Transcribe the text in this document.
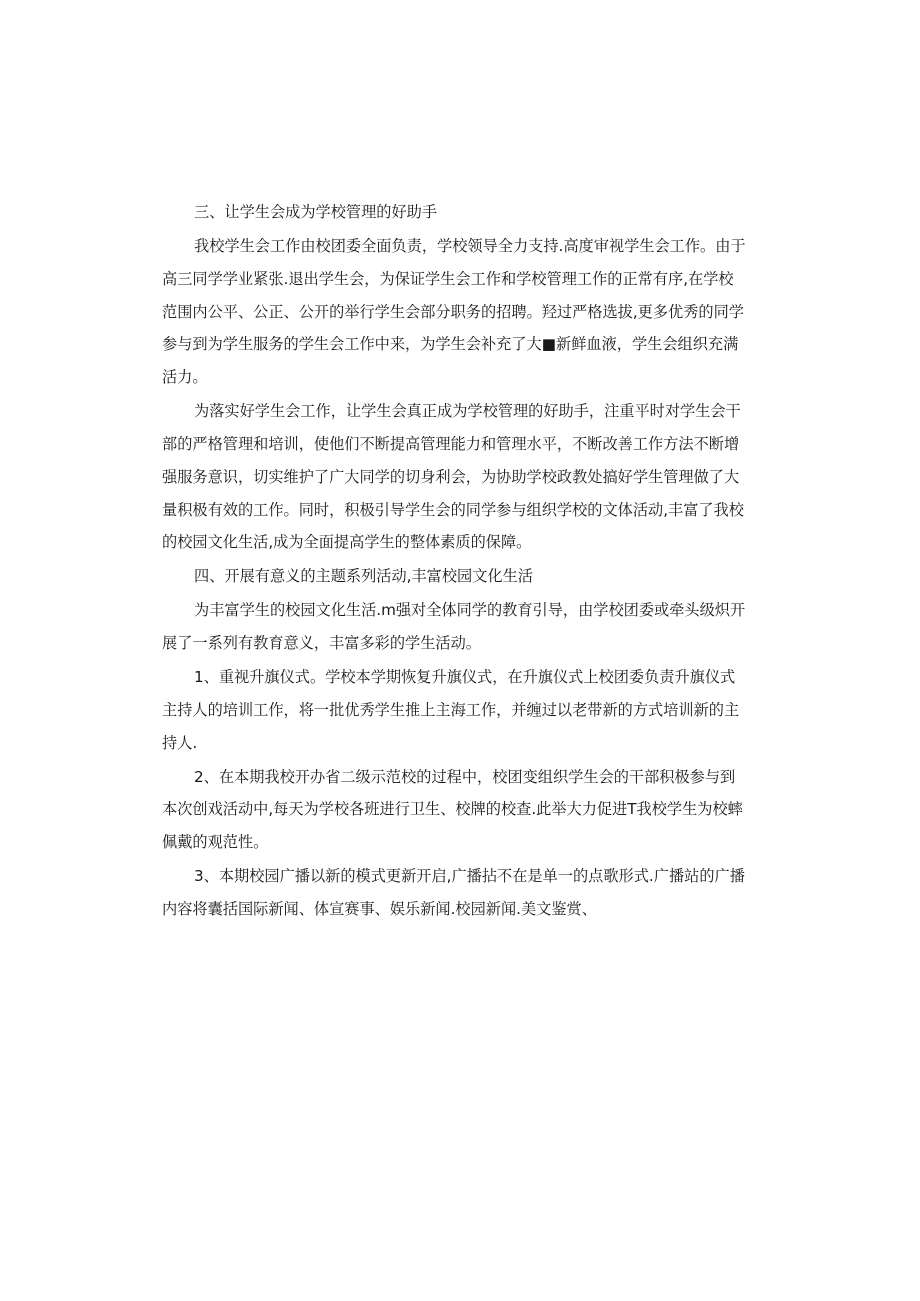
三、让学生会成为学校管理的好助手
我校学生会工作由校团委全面负责，学校领导全力支持.高度审视学生会工作。由于
高三同学学业紧张.退出学生会，为保证学生会工作和学校管理工作的正常有序,在学校
范围内公平、公正、公开的举行学生会部分职务的招聘。羟过严格选拔,更多优秀的同学
参与到为学生服务的学生会工作中来，为学生会补充了大■新鲜血液，学生会组织充满
活力。
为落实好学生会工作，让学生会真正成为学校管理的好助手，注重平时对学生会干
部的严格管理和培训，使他们不断提高管理能力和管理水平，不断改善工作方法不断增
强服务意识，切实维护了广大同学的切身利会，为协助学校政教处搞好学生管理做了大
量积极有效的工作。同时，积极引导学生会的同学参与组织学校的文体活动,丰富了我校
的校园文化生活,成为全面提高学生的整体素质的保障。
四、开展有意义的主题系列活动,丰富校园文化生活
为丰富学生的校园文化生活.m强对全体同学的教育引导，由学校团委或牵头级炽开
展了一系列有教育意义，丰富多彩的学生活动。
1、重视升旗仪式。学校本学期恢复升旗仪式，在升旗仪式上校团委负责升旗仪式
主持人的培训工作，将一批优秀学生推上主海工作，并缠过以老带新的方式培训新的主
持人.
2、在本期我校开办省二级示范校的过程中，校团变组织学生会的干部积极参与到
本次创戏活动中,每天为学校各班进行卫生、校牌的校查.此举大力促进T我校学生为校蟀
佩戴的观范性。
3、本期校园广播以新的模式更新开启,广播拈不在是单一的点歌形式.广播站的广播
内容将囊括国际新闻、体宣赛事、娱乐新闻.校园新闻.美文鉴赏、
